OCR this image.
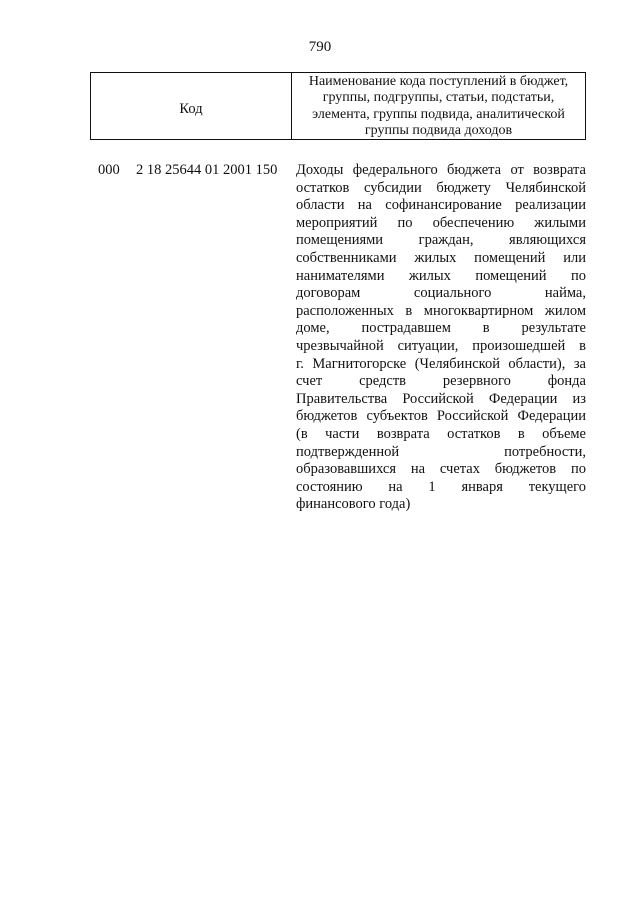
790
Код
Наименование кода поступлений в бюджет, группы, подгруппы, статьи, подстатьи, элемента, группы подвида, аналитической группы подвида доходов
000 2 18 25644 01 2001 150 Доходы федерального бюджета от возврата
остатков субсидии бюджету Челябинской
области на софинансирование реализации
мероприятий по обеспечению жилыми
помещениями граждан, являющихся
собственниками жилых помещений или
нанимателями жилых помещений по
договорам социального найма,
расположенных в многоквартирном жилом
доме, пострадавшем в результате
чрезвычайной ситуации, произошедшей в
г. Магнитогорске (Челябинской области), за
счет средств резервного фонда
Правительства Российской Федерации из
бюджетов субъектов Российской Федерации
(в части возврата остатков в объеме
подтвержденной потребности,
образовавшихся на счетах бюджетов по
состоянию на 1 января текущего
финансового года)
